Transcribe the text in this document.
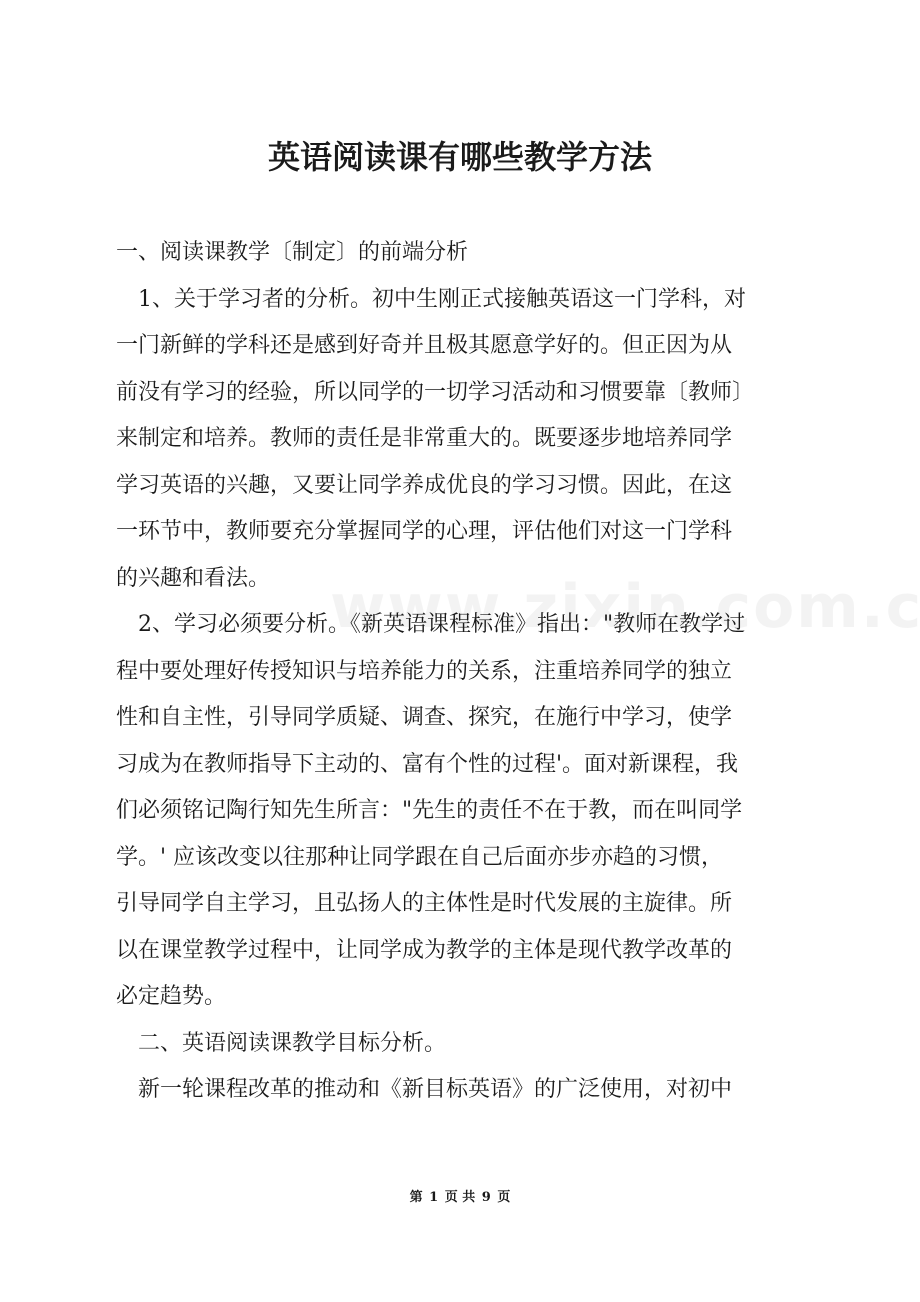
英语阅读课有哪些教学方法

一、阅读课教学〔制定〕的前端分析

1、关于学习者的分析。初中生刚正式接触英语这一门学科，对

一门新鲜的学科还是感到好奇并且极其愿意学好的。但正因为从

前没有学习的经验，所以同学的一切学习活动和习惯要靠〔教师〕

来制定和培养。教师的责任是非常重大的。既要逐步地培养同学

学习英语的兴趣，又要让同学养成优良的学习习惯。因此，在这

一环节中，教师要充分掌握同学的心理，评估他们对这一门学科

的兴趣和看法。

2、学习必须要分析。《新英语课程标准》指出："教师在教学过

程中要处理好传授知识与培养能力的关系，注重培养同学的独立

性和自主性，引导同学质疑、调查、探究，在施行中学习，使学

习成为在教师指导下主动的、富有个性的过程'。面对新课程，我

们必须铭记陶行知先生所言："先生的责任不在于教，而在叫同学

学。' 应该改变以往那种让同学跟在自己后面亦步亦趋的习惯，

引导同学自主学习，且弘扬人的主体性是时代发展的主旋律。所

以在课堂教学过程中，让同学成为教学的主体是现代教学改革的

必定趋势。

二、英语阅读课教学目标分析。

新一轮课程改革的推动和《新目标英语》的广泛使用，对初中

第 1 页 共 9 页
